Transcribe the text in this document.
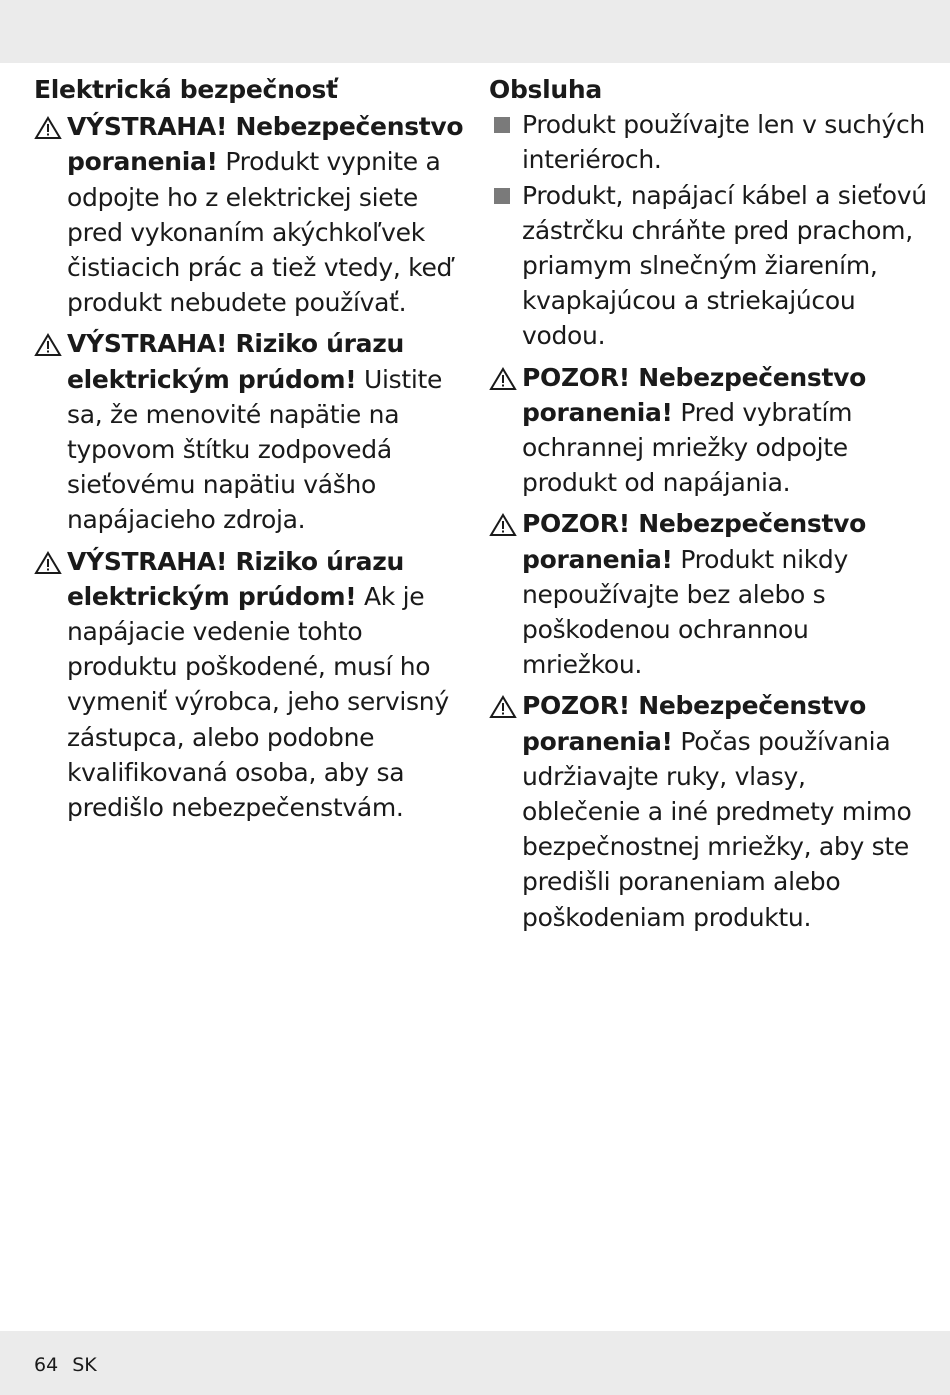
Elektrická bezpečnosť
VÝSTRAHA! Nebezpečenstvo poranenia! Produkt vypnite a odpojte ho z elektrickej siete pred vykonaním akýchkoľvek čistiacich prác a tiež vtedy, keď produkt nebudete používať.
VÝSTRAHA! Riziko úrazu elektrickým prúdom! Uistite sa, že menovité napätie na typovom štítku zodpovedá sieťovému napätiu vášho napájacieho zdroja.
VÝSTRAHA! Riziko úrazu elektrickým prúdom! Ak je napájacie vedenie tohto produktu poškodené, musí ho vymeniť výrobca, jeho servisný zástupca, alebo podobne kvalifikovaná osoba, aby sa predišlo nebezpečenstvám.
Obsluha
Produkt používajte len v suchých interiéroch.
Produkt, napájací kábel a sieťovú zástrčku chráňte pred prachom, priamym slnečným žiarením, kvapkajúcou a striekajúcou vodou.
POZOR! Nebezpečenstvo poranenia! Pred vybratím ochrannej mriežky odpojte produkt od napájania.
POZOR! Nebezpečenstvo poranenia! Produkt nikdy nepoužívajte bez alebo s poškodenou ochrannou mriežkou.
POZOR! Nebezpečenstvo poranenia! Počas používania udržiavajte ruky, vlasy, oblečenie a iné predmety mimo bezpečnostnej mriežky, aby ste predišli poraneniam alebo poškodeniam produktu.
64 SK
